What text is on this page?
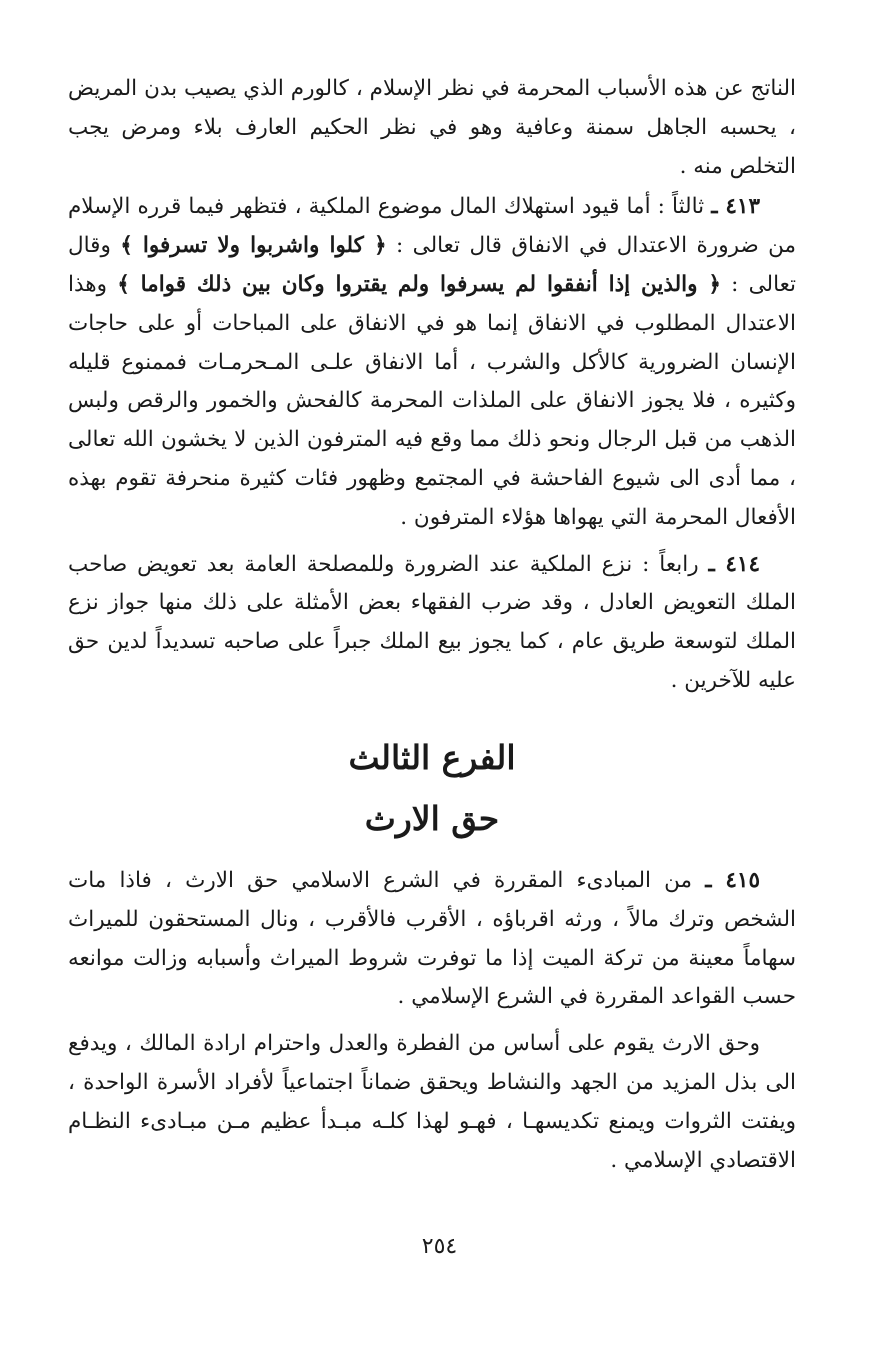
الناتج عن هذه الأسباب المحرمة في نظر الإسلام ، كالورم الذي يصيب بدن المريض ، يحسبه الجاهل سمنة وعافية وهو في نظر الحكيم العارف بلاء ومرض يجب التخلص منه .

٤١٣ ـ ثالثاً : أما قيود استهلاك المال موضوع الملكية ، فتظهر فيما قرره الإسلام من ضرورة الاعتدال في الانفاق قال تعالى : ﴿ كلوا واشربوا ولا تسرفوا ﴾ وقال تعالى : ﴿ والذين إذا أنفقوا لم يسرفوا ولم يقتروا وكان بين ذلك قواما ﴾ وهذا الاعتدال المطلوب في الانفاق إنما هو في الانفاق على المباحات أو على حاجات الإنسان الضرورية كالأكل والشرب ، أما الانفاق علـى المـحرمـات فممنوع قليله وكثيره ، فلا يجوز الانفاق على الملذات المحرمة كالفحش والخمور والرقص ولبس الذهب من قبل الرجال ونحو ذلك مما وقع فيه المترفون الذين لا يخشون الله تعالى ، مما أدى الى شيوع الفاحشة في المجتمع وظهور فئات كثيرة منحرفة تقوم بهذه الأفعال المحرمة التي يهواها هؤلاء المترفون .

٤١٤ ـ رابعاً : نزع الملكية عند الضرورة وللمصلحة العامة بعد تعويض صاحب الملك التعويض العادل ، وقد ضرب الفقهاء بعض الأمثلة على ذلك منها جواز نزع الملك لتوسعة طريق عام ، كما يجوز بيع الملك جبراً على صاحبه تسديداً لدين حق عليه للآخرين .

الفرع الثالث
حق الارث

٤١٥ ـ من المبادىء المقررة في الشرع الاسلامي حق الارث ، فاذا مات الشخص وترك مالاً ، ورثه اقرباؤه ، الأقرب فالأقرب ، ونال المستحقون للميراث سهاماً معينة من تركة الميت إذا ما توفرت شروط الميراث وأسبابه وزالت موانعه حسب القواعد المقررة في الشرع الإسلامي .

وحق الارث يقوم على أساس من الفطرة والعدل واحترام ارادة المالك ، ويدفع الى بذل المزيد من الجهد والنشاط ويحقق ضماناً اجتماعياً لأفراد الأسرة الواحدة ، ويفتت الثروات ويمنع تكديسهـا ، فهـو لهذا كلـه مبـدأ عظيم مـن مبـادىء النظـام الاقتصادي الإسلامي .

٢٥٤
